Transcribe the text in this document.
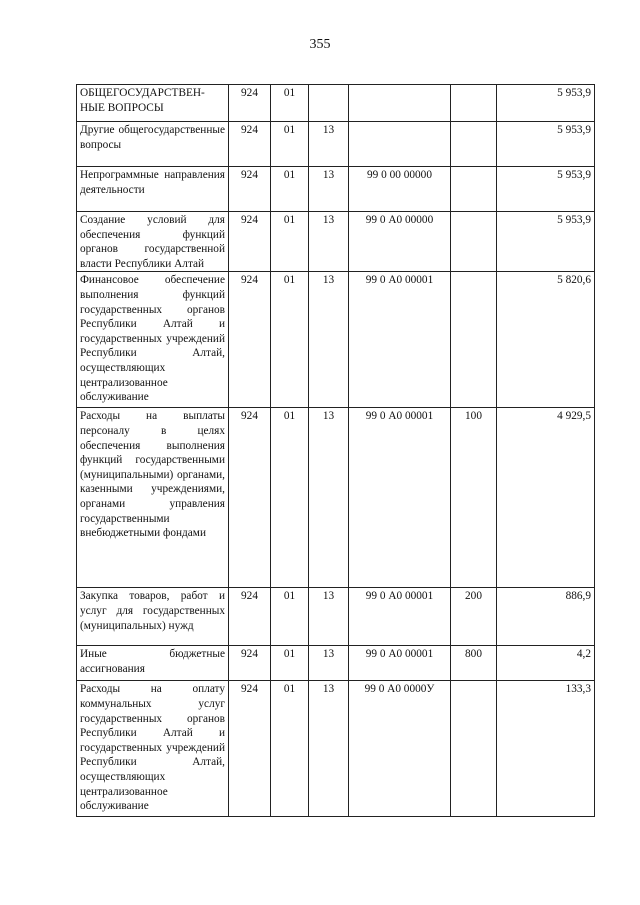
355
ОБЩЕГОСУДАРСТВЕН-НЫЕ ВОПРОСЫ	924	01				5 953,9
Другие общегосударственные вопросы	924	01	13			5 953,9
Непрограммные направления деятельности	924	01	13	99 0 00 00000		5 953,9
Создание условий для обеспечения функций органов государственной власти Республики Алтай	924	01	13	99 0 А0 00000		5 953,9
Финансовое обеспечение выполнения функций государственных органов Республики Алтай и государственных учреждений Республики Алтай, осуществляющих централизованное обслуживание	924	01	13	99 0 А0 00001		5 820,6
Расходы на выплаты персоналу в целях обеспечения выполнения функций государственными (муниципальными) органами, казенными учреждениями, органами управления государственными внебюджетными фондами	924	01	13	99 0 А0 00001	100	4 929,5
Закупка товаров, работ и услуг для государственных (муниципальных) нужд	924	01	13	99 0 А0 00001	200	886,9
Иные бюджетные ассигнования	924	01	13	99 0 А0 00001	800	4,2
Расходы на оплату коммунальных услуг государственных органов Республики Алтай и государственных учреждений Республики Алтай, осуществляющих централизованное обслуживание	924	01	13	99 0 А0 0000У		133,3
